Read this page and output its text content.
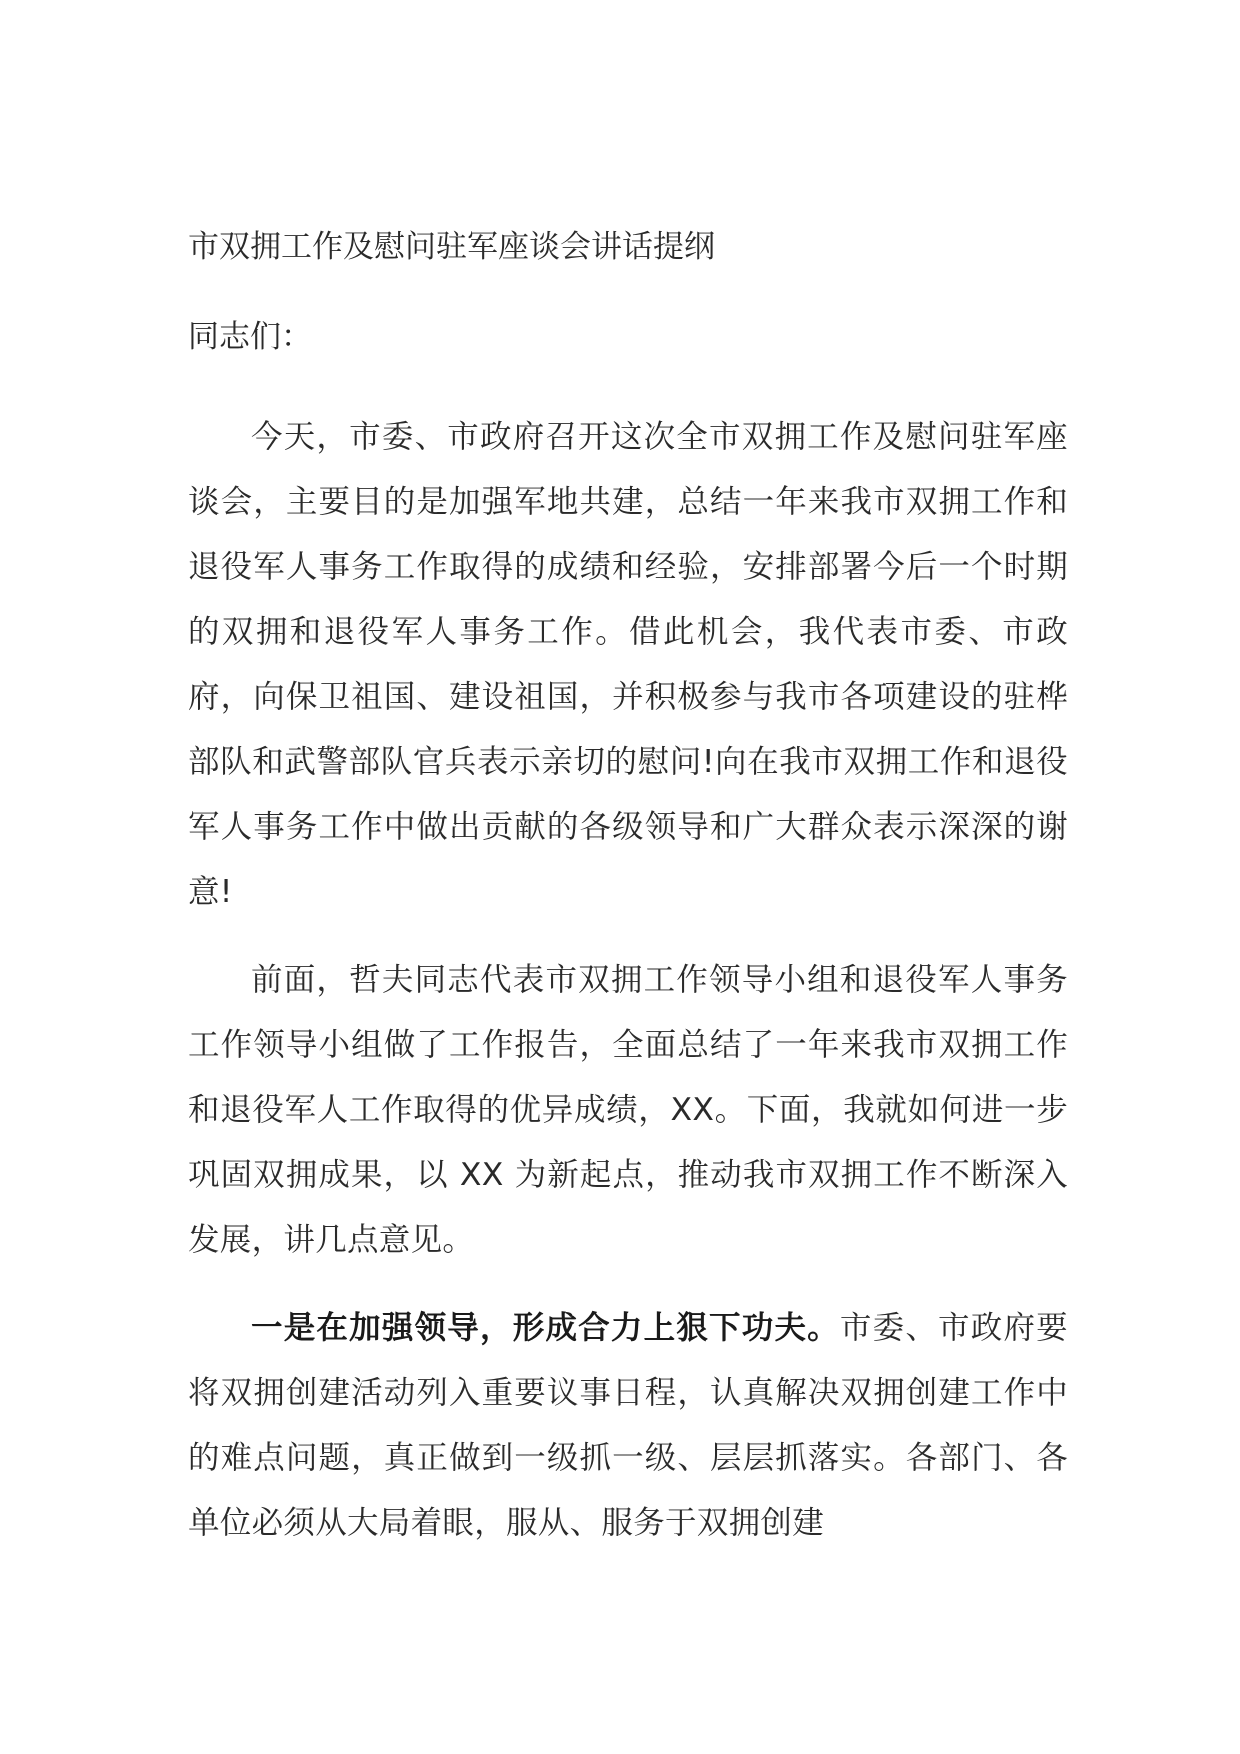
市双拥工作及慰问驻军座谈会讲话提纲
同志们：

今天，市委、市政府召开这次全市双拥工作及慰问驻军座谈会，主要目的是加强军地共建，总结一年来我市双拥工作和退役军人事务工作取得的成绩和经验，安排部署今后一个时期的双拥和退役军人事务工作。借此机会，我代表市委、市政府，向保卫祖国、建设祖国，并积极参与我市各项建设的驻桦部队和武警部队官兵表示亲切的慰问!向在我市双拥工作和退役军人事务工作中做出贡献的各级领导和广大群众表示深深的谢意!

前面，哲夫同志代表市双拥工作领导小组和退役军人事务工作领导小组做了工作报告，全面总结了一年来我市双拥工作和退役军人工作取得的优异成绩，XX。下面，我就如何进一步巩固双拥成果，以 XX 为新起点，推动我市双拥工作不断深入发展，讲几点意见。

一是在加强领导，形成合力上狠下功夫。市委、市政府要将双拥创建活动列入重要议事日程，认真解决双拥创建工作中的难点问题，真正做到一级抓一级、层层抓落实。各部门、各单位必须从大局着眼，服从、服务于双拥创建
